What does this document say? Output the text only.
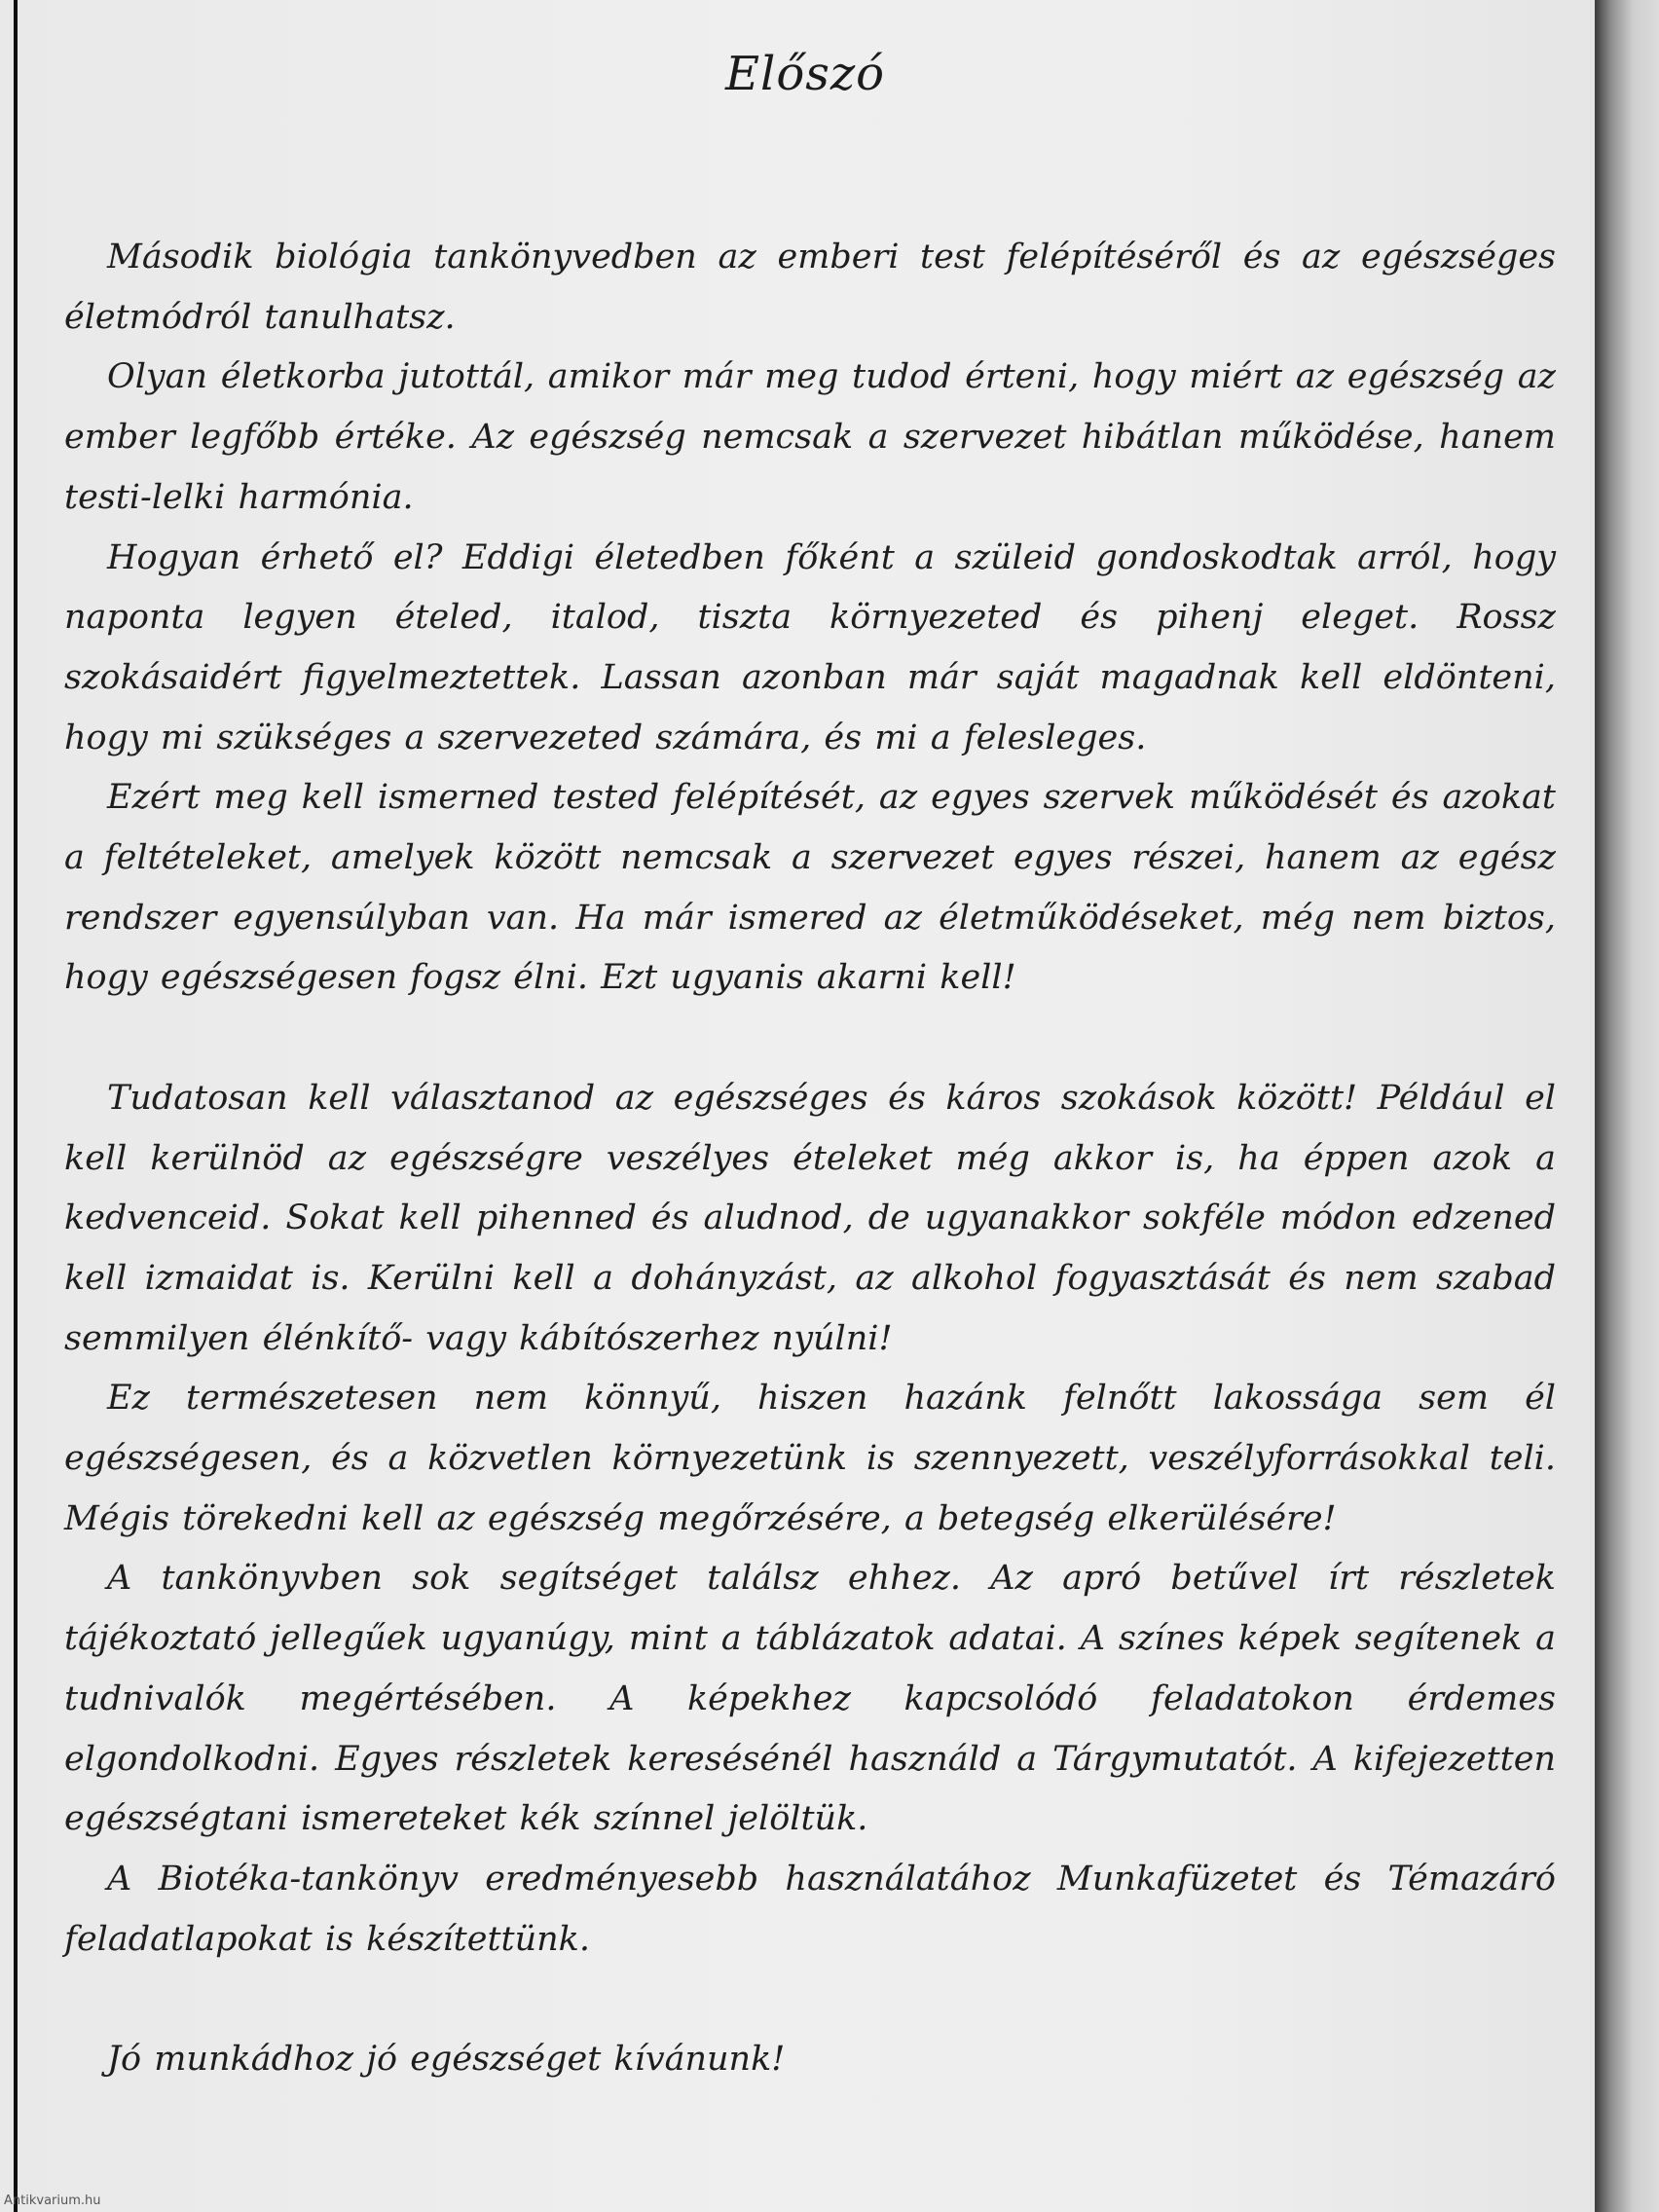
Előszó

Második biológia tankönyvedben az emberi test felépítéséről és az egészséges életmódról tanulhatsz.

Olyan életkorba jutottál, amikor már meg tudod érteni, hogy miért az egészség az ember legfőbb értéke. Az egészség nemcsak a szervezet hibátlan működése, hanem testi-lelki harmónia.

Hogyan érhető el? Eddigi életedben főként a szüleid gondoskodtak arról, hogy naponta legyen ételed, italod, tiszta környezeted és pihenj eleget. Rossz szokásaidért figyelmeztettek. Lassan azonban már saját magadnak kell eldönteni, hogy mi szükséges a szervezeted számára, és mi a felesleges.

Ezért meg kell ismerned tested felépítését, az egyes szervek működését és azokat a feltételeket, amelyek között nemcsak a szervezet egyes részei, hanem az egész rendszer egyensúlyban van. Ha már ismered az életműködéseket, még nem biztos, hogy egészségesen fogsz élni. Ezt ugyanis akarni kell!

Tudatosan kell választanod az egészséges és káros szokások között! Például el kell kerülnöd az egészségre veszélyes ételeket még akkor is, ha éppen azok a kedvenceid. Sokat kell pihenned és aludnod, de ugyanakkor sokféle módon edzened kell izmaidat is. Kerülni kell a dohányzást, az alkohol fogyasztását és nem szabad semmilyen élénkítő- vagy kábítószerhez nyúlni!

Ez természetesen nem könnyű, hiszen hazánk felnőtt lakossága sem él egészségesen, és a közvetlen környezetünk is szennyezett, veszélyforrásokkal teli. Mégis törekedni kell az egészség megőrzésére, a betegség elkerülésére!

A tankönyvben sok segítséget találsz ehhez. Az apró betűvel írt részletek tájékoztató jellegűek ugyanúgy, mint a táblázatok adatai. A színes képek segítenek a tudnivalók megértésében. A képekhez kapcsolódó feladatokon érdemes elgondolkodni. Egyes részletek keresésénél használd a Tárgymutatót. A kifejezetten egészségtani ismereteket kék színnel jelöltük.

A Biotéka-tankönyv eredményesebb használatához Munkafüzetet és Témazáró feladatlapokat is készítettünk.

Jó munkádhoz jó egészséget kívánunk!

Antikvarium.hu
